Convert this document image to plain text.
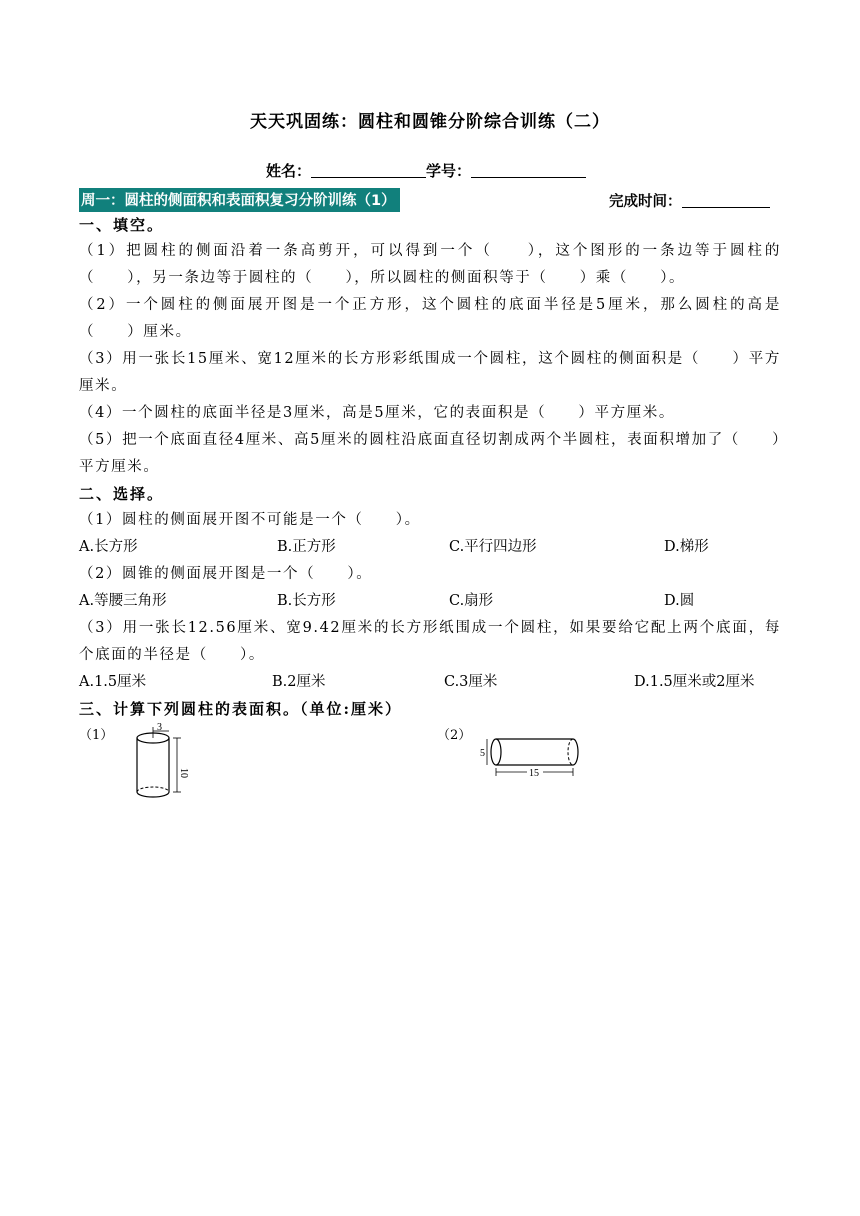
天天巩固练：圆柱和圆锥分阶综合训练（二）
姓名：	学号：
周一：圆柱的侧面积和表面积复习分阶训练（1）	完成时间：
一、填空。
（1）把圆柱的侧面沿着一条高剪开，可以得到一个（　　），这个图形的一条边等于圆柱的（　　），另一条边等于圆柱的（　　），所以圆柱的侧面积等于（　　）乘（　　）。
（2）一个圆柱的侧面展开图是一个正方形，这个圆柱的底面半径是5厘米，那么圆柱的高是（　　）厘米。
（3）用一张长15厘米、宽12厘米的长方形彩纸围成一个圆柱，这个圆柱的侧面积是（　　）平方厘米。
（4）一个圆柱的底面半径是3厘米，高是5厘米，它的表面积是（　　）平方厘米。
（5）把一个底面直径4厘米、高5厘米的圆柱沿底面直径切割成两个半圆柱，表面积增加了（　　）平方厘米。
二、选择。
（1）圆柱的侧面展开图不可能是一个（　　）。
A.长方形	B.正方形	C.平行四边形	D.梯形
（2）圆锥的侧面展开图是一个（　　）。
A.等腰三角形	B.长方形	C.扇形	D.圆
（3）用一张长12.56厘米、宽9.42厘米的长方形纸围成一个圆柱，如果要给它配上两个底面，每个底面的半径是（　　）。
A.1.5厘米	B.2厘米	C.3厘米	D.1.5厘米或2厘米
三、计算下列圆柱的表面积。（单位:厘米）
（1）
3
10
（2）
5
15
